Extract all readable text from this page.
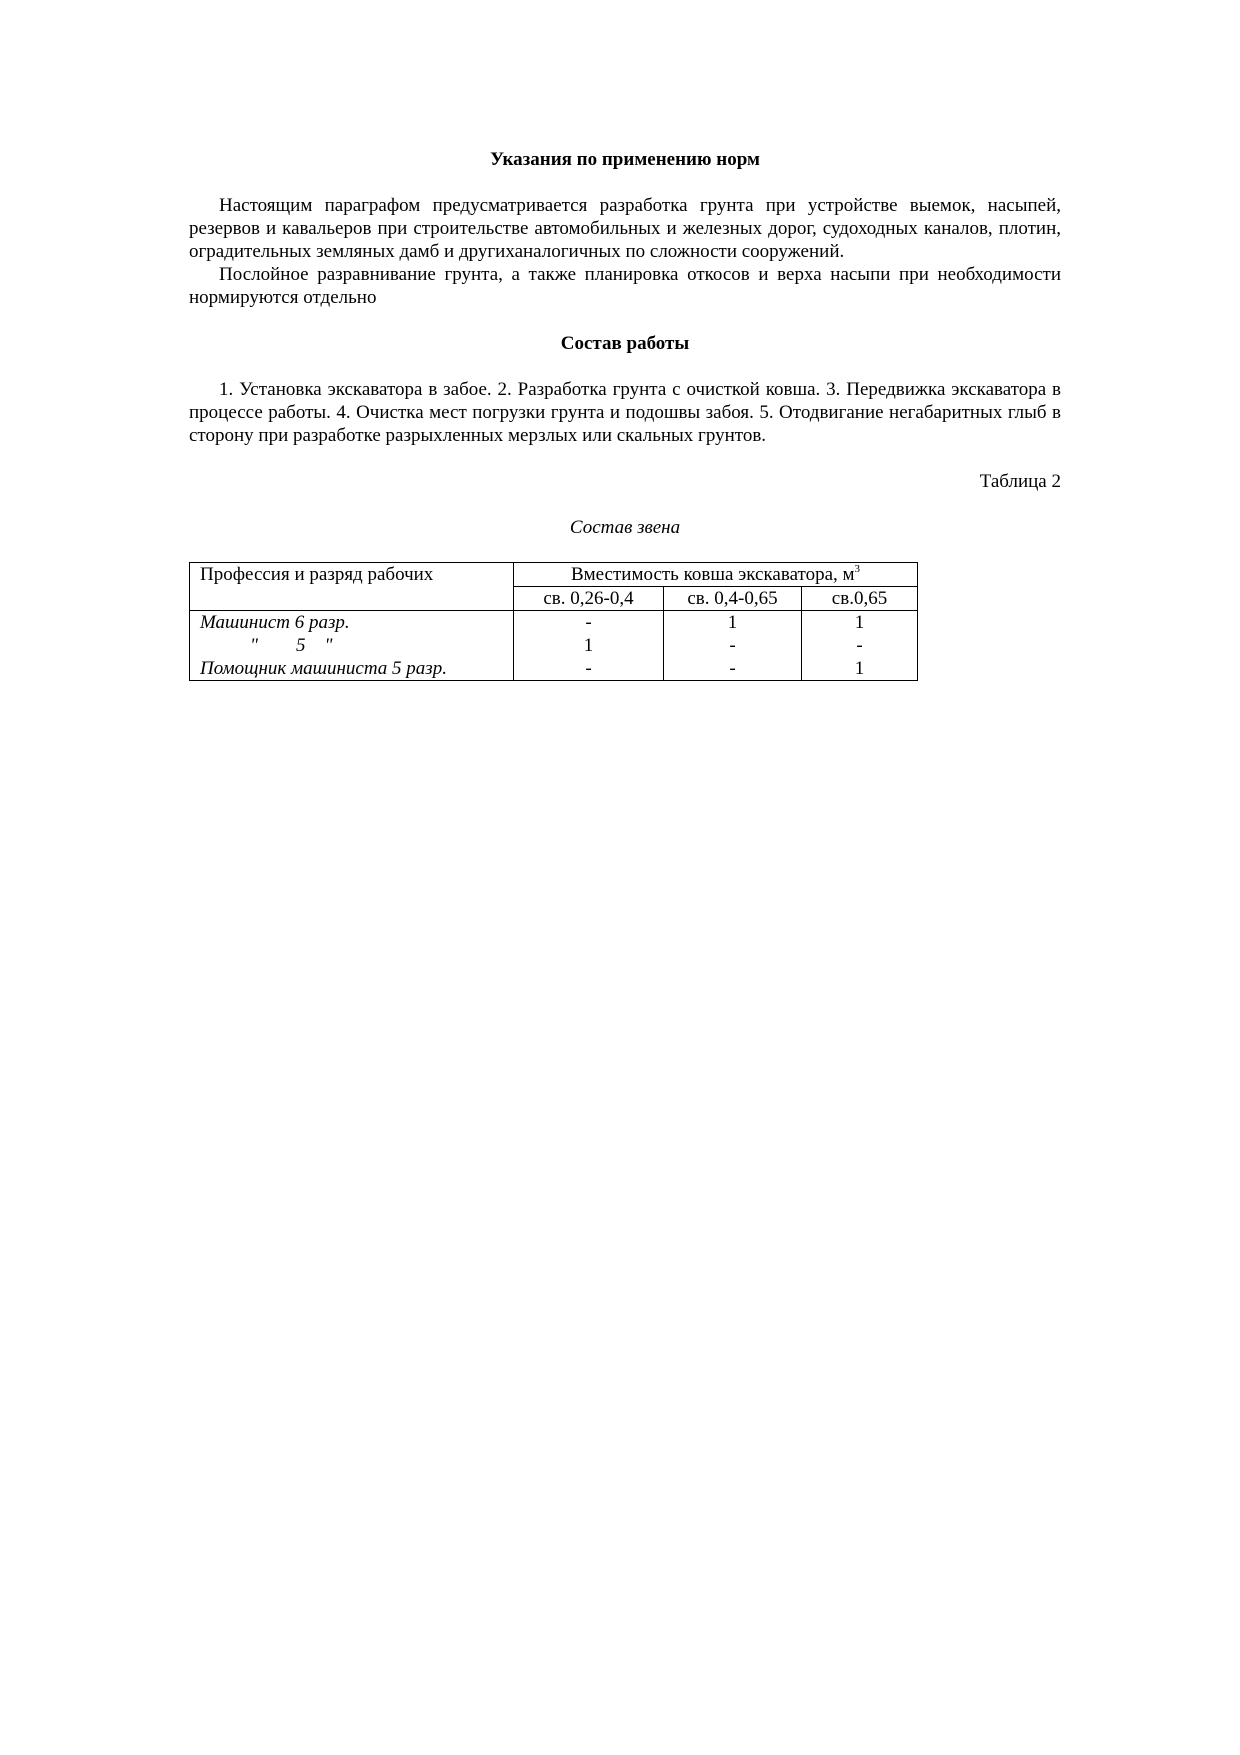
Указания по применению норм

Настоящим параграфом предусматривается разработка грунта при устройстве выемок, насыпей, резервов и кавальеров при строительстве автомобильных и железных дорог, судоходных каналов, плотин, оградительных земляных дамб и другиханалогичных по сложности сооружений.

Послойное разравнивание грунта, а также планировка откосов и верха насыпи при необходимости нормируются отдельно

Состав работы

1. Установка экскаватора в забое. 2. Разработка грунта с очисткой ковша. 3. Передвижка экскаватора в процессе работы. 4. Очистка мест погрузки грунта и подошвы забоя. 5. Отодвигание негабаритных глыб в сторону при разработке разрыхленных мерзлых или скальных грунтов.

Таблица 2

Состав звена

Профессия и разряд рабочих	Вместимость ковша экскаватора, $м^3$
	св. 0,26-0,4	св. 0,4-0,65	св.0,65
Машинист 6 разр.	-	1	1
"        5    "	1	-	-
Помощник машиниста 5 разр.	-	-	1
